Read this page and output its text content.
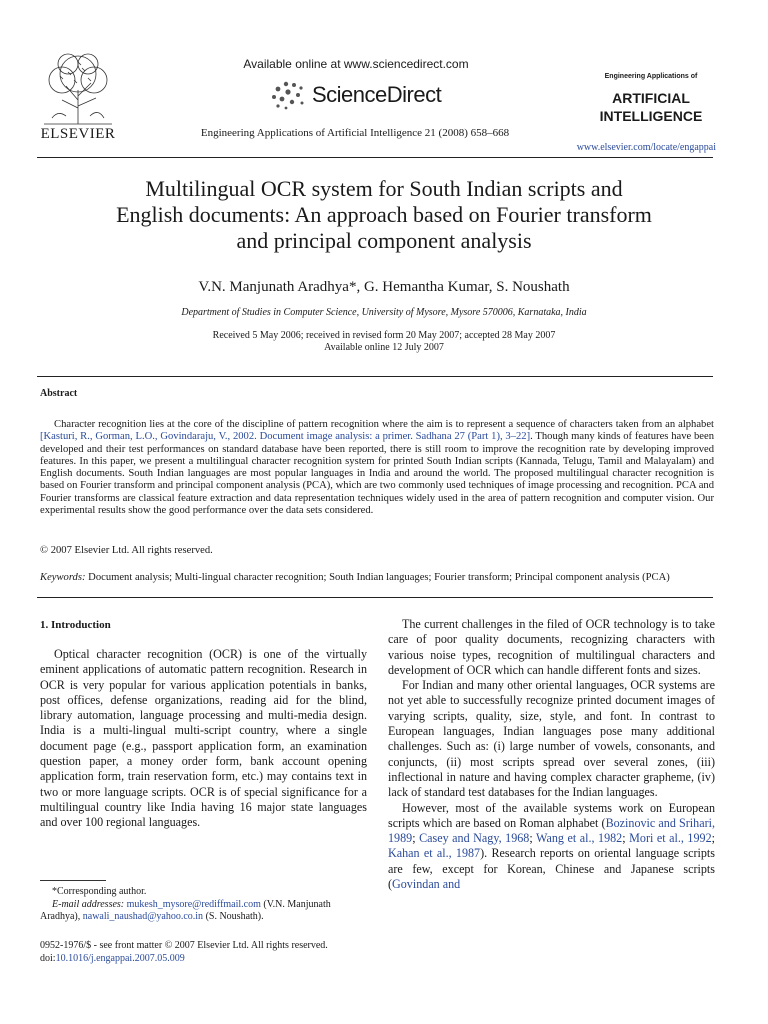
ELSEVIER
Available online at www.sciencedirect.com
ScienceDirect
Engineering Applications of Artificial Intelligence 21 (2008) 658–668
Engineering Applications of
ARTIFICIAL
INTELLIGENCE
www.elsevier.com/locate/engappai
Multilingual OCR system for South Indian scripts and
English documents: An approach based on Fourier transform
and principal component analysis
V.N. Manjunath Aradhya*, G. Hemantha Kumar, S. Noushath
Department of Studies in Computer Science, University of Mysore, Mysore 570006, Karnataka, India
Received 5 May 2006; received in revised form 20 May 2007; accepted 28 May 2007
Available online 12 July 2007
Abstract
Character recognition lies at the core of the discipline of pattern recognition where the aim is to represent a sequence of characters taken from an alphabet [Kasturi, R., Gorman, L.O., Govindaraju, V., 2002. Document image analysis: a primer. Sadhana 27 (Part 1), 3–22]. Though many kinds of features have been developed and their test performances on standard database have been reported, there is still room to improve the recognition rate by developing improved features. In this paper, we present a multilingual character recognition system for printed South Indian scripts (Kannada, Telugu, Tamil and Malayalam) and English documents. South Indian languages are most popular languages in India and around the world. The proposed multilingual character recognition is based on Fourier transform and principal component analysis (PCA), which are two commonly used techniques of image processing and recognition. PCA and Fourier transforms are classical feature extraction and data representation techniques widely used in the area of pattern recognition and computer vision. Our experimental results show the good performance over the data sets considered.
© 2007 Elsevier Ltd. All rights reserved.
Keywords: Document analysis; Multi-lingual character recognition; South Indian languages; Fourier transform; Principal component analysis (PCA)
1. Introduction

Optical character recognition (OCR) is one of the virtually eminent applications of automatic pattern recognition. Research in OCR is very popular for various application potentials in banks, post offices, defense organizations, reading aid for the blind, library automation, language processing and multi-media design. India is a multi-lingual multi-script country, where a single document page (e.g., passport application form, an examination question paper, a money order form, bank account opening application form, train reservation form, etc.) may contains text in two or more language scripts. OCR is of special significance for a multilingual country like India having 16 major state languages and over 100 regional languages.

The current challenges in the filed of OCR technology is to take care of poor quality documents, recognizing characters with various noise types, recognition of multilingual characters and development of OCR which can handle different fonts and sizes.

For Indian and many other oriental languages, OCR systems are not yet able to successfully recognize printed document images of varying scripts, quality, size, style, and font. In contrast to European languages, Indian languages pose many additional challenges. Such as: (i) large number of vowels, consonants, and conjuncts, (ii) most scripts spread over several zones, (iii) inflectional in nature and having complex character grapheme, (iv) lack of standard test databases for the Indian languages.

However, most of the available systems work on European scripts which are based on Roman alphabet (Bozinovic and Srihari, 1989; Casey and Nagy, 1968; Wang et al., 1982; Mori et al., 1992; Kahan et al., 1987). Research reports on oriental language scripts are few, except for Korean, Chinese and Japanese scripts (Govindan and

*Corresponding author.

E-mail addresses: mukesh_mysore@rediffmail.com (V.N. Manjunath Aradhya), nawali_naushad@yahoo.co.in (S. Noushath).

0952-1976/$ - see front matter © 2007 Elsevier Ltd. All rights reserved.
doi:10.1016/j.engappai.2007.05.009
